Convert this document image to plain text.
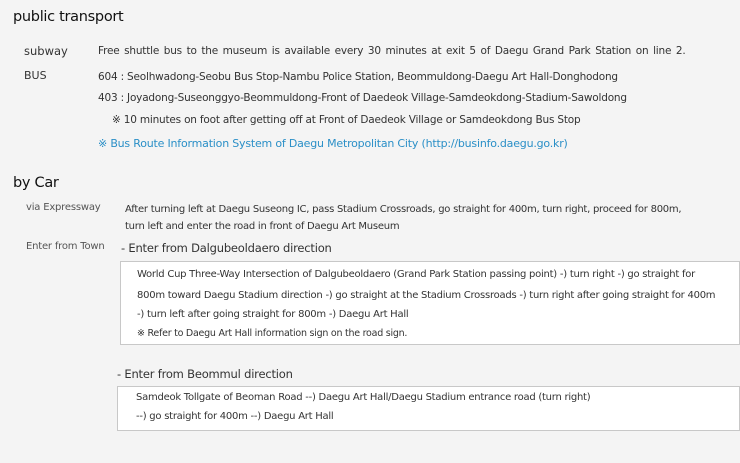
public transport
subway	Free shuttle bus to the museum is available every 30 minutes at exit 5 of Daegu Grand Park Station on line 2.
BUS	604 : Seolhwadong-Seobu Bus Stop-Nambu Police Station, Beommuldong-Daegu Art Hall-Donghodong
403 : Joyadong-Suseonggyo-Beommuldong-Front of Daedeok Village-Samdeokdong-Stadium-Sawoldong
※ 10 minutes on foot after getting off at Front of Daedeok Village or Samdeokdong Bus Stop
※ Bus Route Information System of Daegu Metropolitan City (http://businfo.daegu.go.kr)
by Car
via Expressway After turning left at Daegu Suseong IC, pass Stadium Crossroads, go straight for 400m, turn right, proceed for 800m,
turn left and enter the road in front of Daegu Art Museum
Enter from Town - Enter from Dalgubeoldaero direction
World Cup Three-Way Intersection of Dalgubeoldaero (Grand Park Station passing point) -) turn right -) go straight for
800m toward Daegu Stadium direction -) go straight at the Stadium Crossroads -) turn right after going straight for 400m
-) turn left after going straight for 800m -) Daegu Art Hall
※ Refer to Daegu Art Hall information sign on the road sign.
- Enter from Beommul direction
Samdeok Tollgate of Beoman Road --) Daegu Art Hall/Daegu Stadium entrance road (turn right)
--) go straight for 400m --) Daegu Art Hall
